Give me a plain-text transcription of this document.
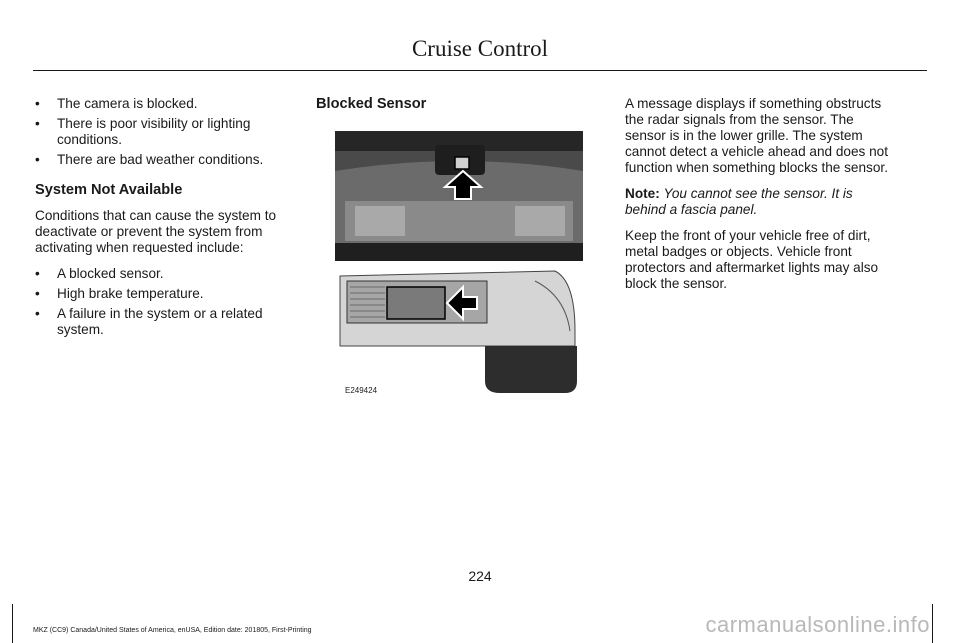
Cruise Control
• The camera is blocked.
• There is poor visibility or lighting conditions.
• There are bad weather conditions.
System Not Available
Conditions that can cause the system to deactivate or prevent the system from activating when requested include:
• A blocked sensor.
• High brake temperature.
• A failure in the system or a related system.
Blocked Sensor
E249424
A message displays if something obstructs the radar signals from the sensor. The sensor is in the lower grille. The system cannot detect a vehicle ahead and does not function when something blocks the sensor.
Note: You cannot see the sensor. It is behind a fascia panel.
Keep the front of your vehicle free of dirt, metal badges or objects. Vehicle front protectors and aftermarket lights may also block the sensor.
224
MKZ (CC9) Canada/United States of America, enUSA, Edition date: 201805, First-Printing	carmanualsonline.info
